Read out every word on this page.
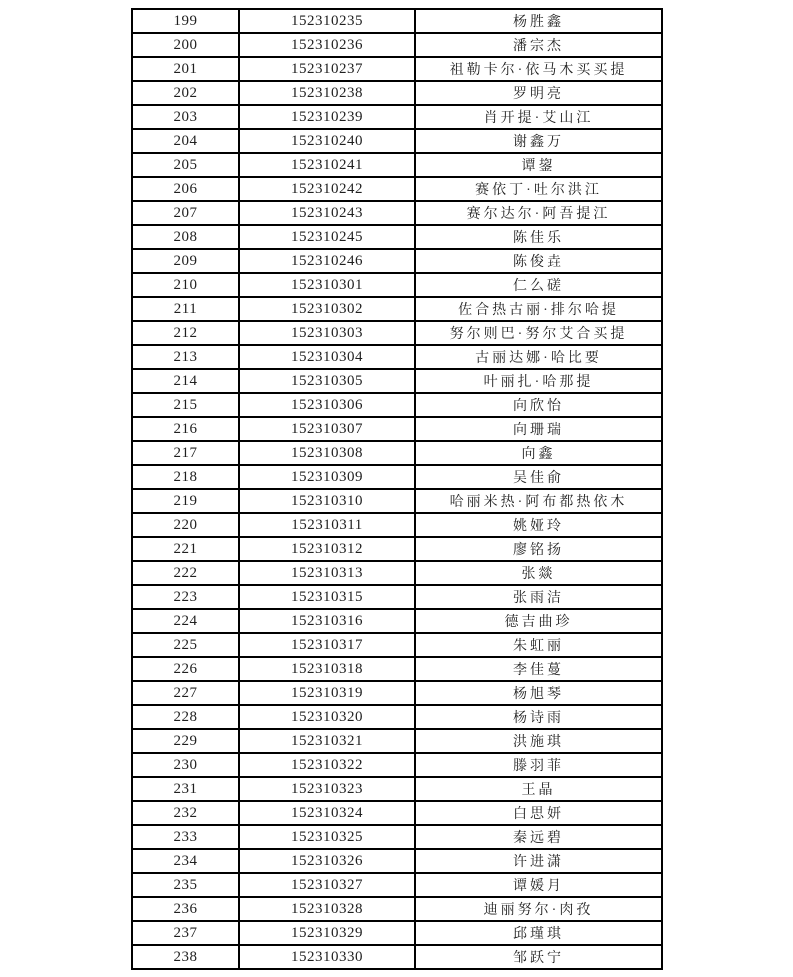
199	152310235	杨胜鑫
200	152310236	潘宗杰
201	152310237	祖勒卡尔·依马木买买提
202	152310238	罗明亮
203	152310239	肖开提·艾山江
204	152310240	谢鑫万
205	152310241	谭鋆
206	152310242	赛依丁·吐尔洪江
207	152310243	赛尔达尔·阿吾提江
208	152310245	陈佳乐
209	152310246	陈俊垚
210	152310301	仁么磋
211	152310302	佐合热古丽·排尔哈提
212	152310303	努尔则巴·努尔艾合买提
213	152310304	古丽达娜·哈比要
214	152310305	叶丽扎·哈那提
215	152310306	向欣怡
216	152310307	向珊瑞
217	152310308	向鑫
218	152310309	吴佳俞
219	152310310	哈丽米热·阿布都热依木
220	152310311	姚娅玲
221	152310312	廖铭扬
222	152310313	张燚
223	152310315	张雨洁
224	152310316	德吉曲珍
225	152310317	朱虹丽
226	152310318	李佳蔓
227	152310319	杨旭琴
228	152310320	杨诗雨
229	152310321	洪施琪
230	152310322	滕羽菲
231	152310323	王晶
232	152310324	白思妍
233	152310325	秦远碧
234	152310326	许进潇
235	152310327	谭媛月
236	152310328	迪丽努尔·肉孜
237	152310329	邱瑾琪
238	152310330	邹跃宁
